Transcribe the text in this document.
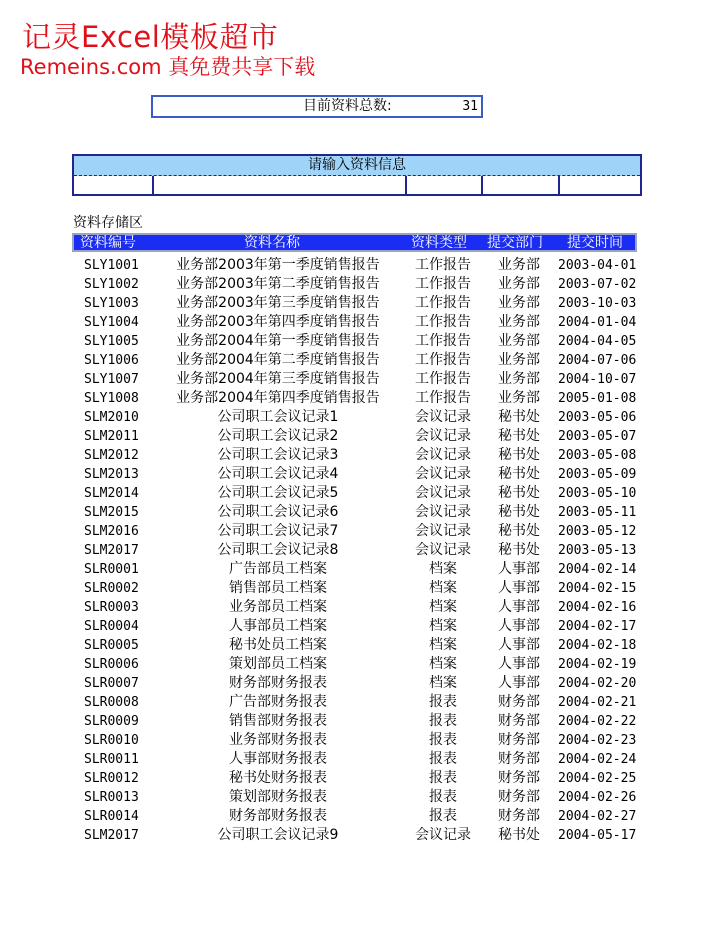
记灵Excel模板超市
Remeins.com 真免费共享下载
目前资料总数:	31
请输入资料信息
资料存储区
资料编号	资料名称	资料类型 提交部门 提交时间
SLY1001	业务部2003年第一季度销售报告	工作报告	业务部	2003-04-01
SLY1002	业务部2003年第二季度销售报告	工作报告	业务部	2003-07-02
SLY1003	业务部2003年第三季度销售报告	工作报告	业务部	2003-10-03
SLY1004	业务部2003年第四季度销售报告	工作报告	业务部	2004-01-04
SLY1005	业务部2004年第一季度销售报告	工作报告	业务部	2004-04-05
SLY1006	业务部2004年第二季度销售报告	工作报告	业务部	2004-07-06
SLY1007	业务部2004年第三季度销售报告	工作报告	业务部	2004-10-07
SLY1008	业务部2004年第四季度销售报告	工作报告	业务部	2005-01-08
SLM2010	公司职工会议记录1	会议记录	秘书处	2003-05-06
SLM2011	公司职工会议记录2	会议记录	秘书处	2003-05-07
SLM2012	公司职工会议记录3	会议记录	秘书处	2003-05-08
SLM2013	公司职工会议记录4	会议记录	秘书处	2003-05-09
SLM2014	公司职工会议记录5	会议记录	秘书处	2003-05-10
SLM2015	公司职工会议记录6	会议记录	秘书处	2003-05-11
SLM2016	公司职工会议记录7	会议记录	秘书处	2003-05-12
SLM2017	公司职工会议记录8	会议记录	秘书处	2003-05-13
SLR0001	广告部员工档案	档案	人事部	2004-02-14
SLR0002	销售部员工档案	档案	人事部	2004-02-15
SLR0003	业务部员工档案	档案	人事部	2004-02-16
SLR0004	人事部员工档案	档案	人事部	2004-02-17
SLR0005	秘书处员工档案	档案	人事部	2004-02-18
SLR0006	策划部员工档案	档案	人事部	2004-02-19
SLR0007	财务部财务报表	档案	人事部	2004-02-20
SLR0008	广告部财务报表	报表	财务部	2004-02-21
SLR0009	销售部财务报表	报表	财务部	2004-02-22
SLR0010	业务部财务报表	报表	财务部	2004-02-23
SLR0011	人事部财务报表	报表	财务部	2004-02-24
SLR0012	秘书处财务报表	报表	财务部	2004-02-25
SLR0013	策划部财务报表	报表	财务部	2004-02-26
SLR0014	财务部财务报表	报表	财务部	2004-02-27
SLM2017	公司职工会议记录9	会议记录	秘书处	2004-05-17
